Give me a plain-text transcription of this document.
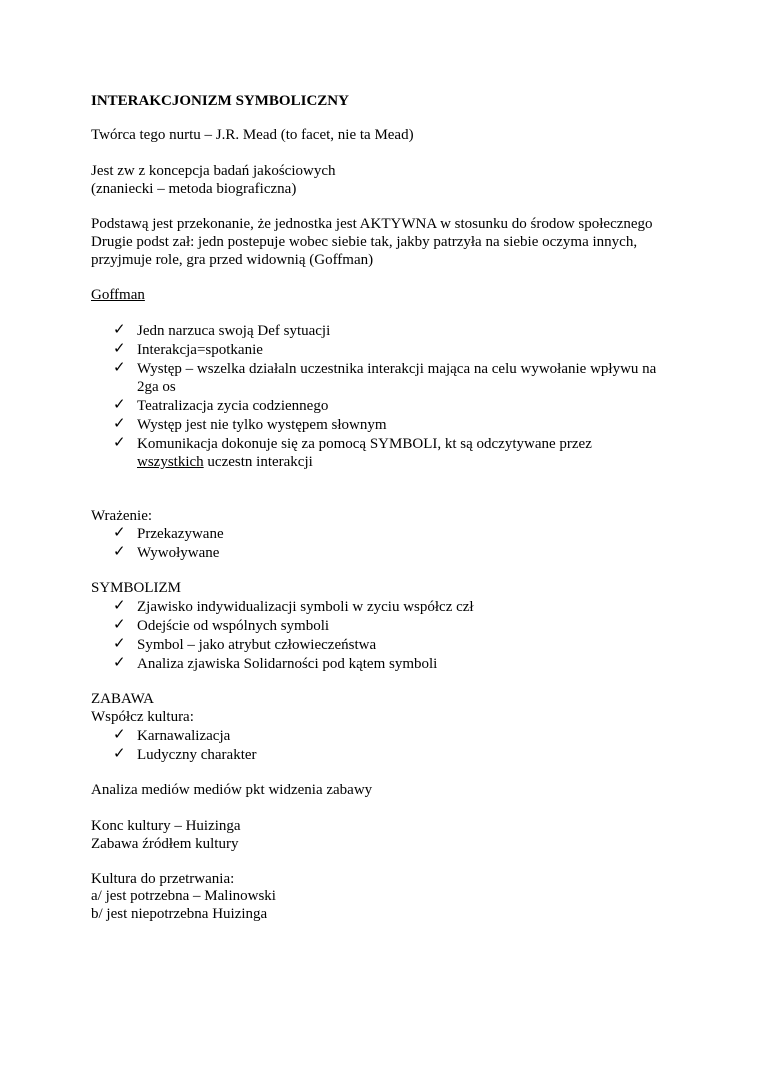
INTERAKCJONIZM SYMBOLICZNY
Twórca tego nurtu – J.R. Mead (to facet, nie ta Mead)
Jest zw z koncepcja badań jakościowych
(znaniecki – metoda biograficzna)
Podstawą jest przekonanie, że jednostka jest AKTYWNA w stosunku do środow społecznego
Drugie podst zał: jedn postepuje wobec siebie tak, jakby patrzyła na siebie oczyma innych,
przyjmuje role, gra przed widownią (Goffman)
Goffman
✓ Jedn narzuca swoją Def sytuacji
✓ Interakcja=spotkanie
✓ Występ – wszelka działaln uczestnika interakcji mająca na celu wywołanie wpływu na
2ga os
✓ Teatralizacja zycia codziennego
✓ Występ jest nie tylko występem słownym
✓ Komunikacja dokonuje się za pomocą SYMBOLI, kt są odczytywane przez
wszystkich uczestn interakcji
Wrażenie:
✓ Przekazywane
✓ Wywoływane
SYMBOLIZM
✓ Zjawisko indywidualizacji symboli w zyciu współcz czł
✓ Odejście od wspólnych symboli
✓ Symbol – jako atrybut człowieczeństwa
✓ Analiza zjawiska Solidarności pod kątem symboli
ZABAWA
Współcz kultura:
✓ Karnawalizacja
✓ Ludyczny charakter
Analiza mediów mediów pkt widzenia zabawy
Konc kultury – Huizinga
Zabawa źródłem kultury
Kultura do przetrwania:
a/ jest potrzebna – Malinowski
b/ jest niepotrzebna Huizinga
